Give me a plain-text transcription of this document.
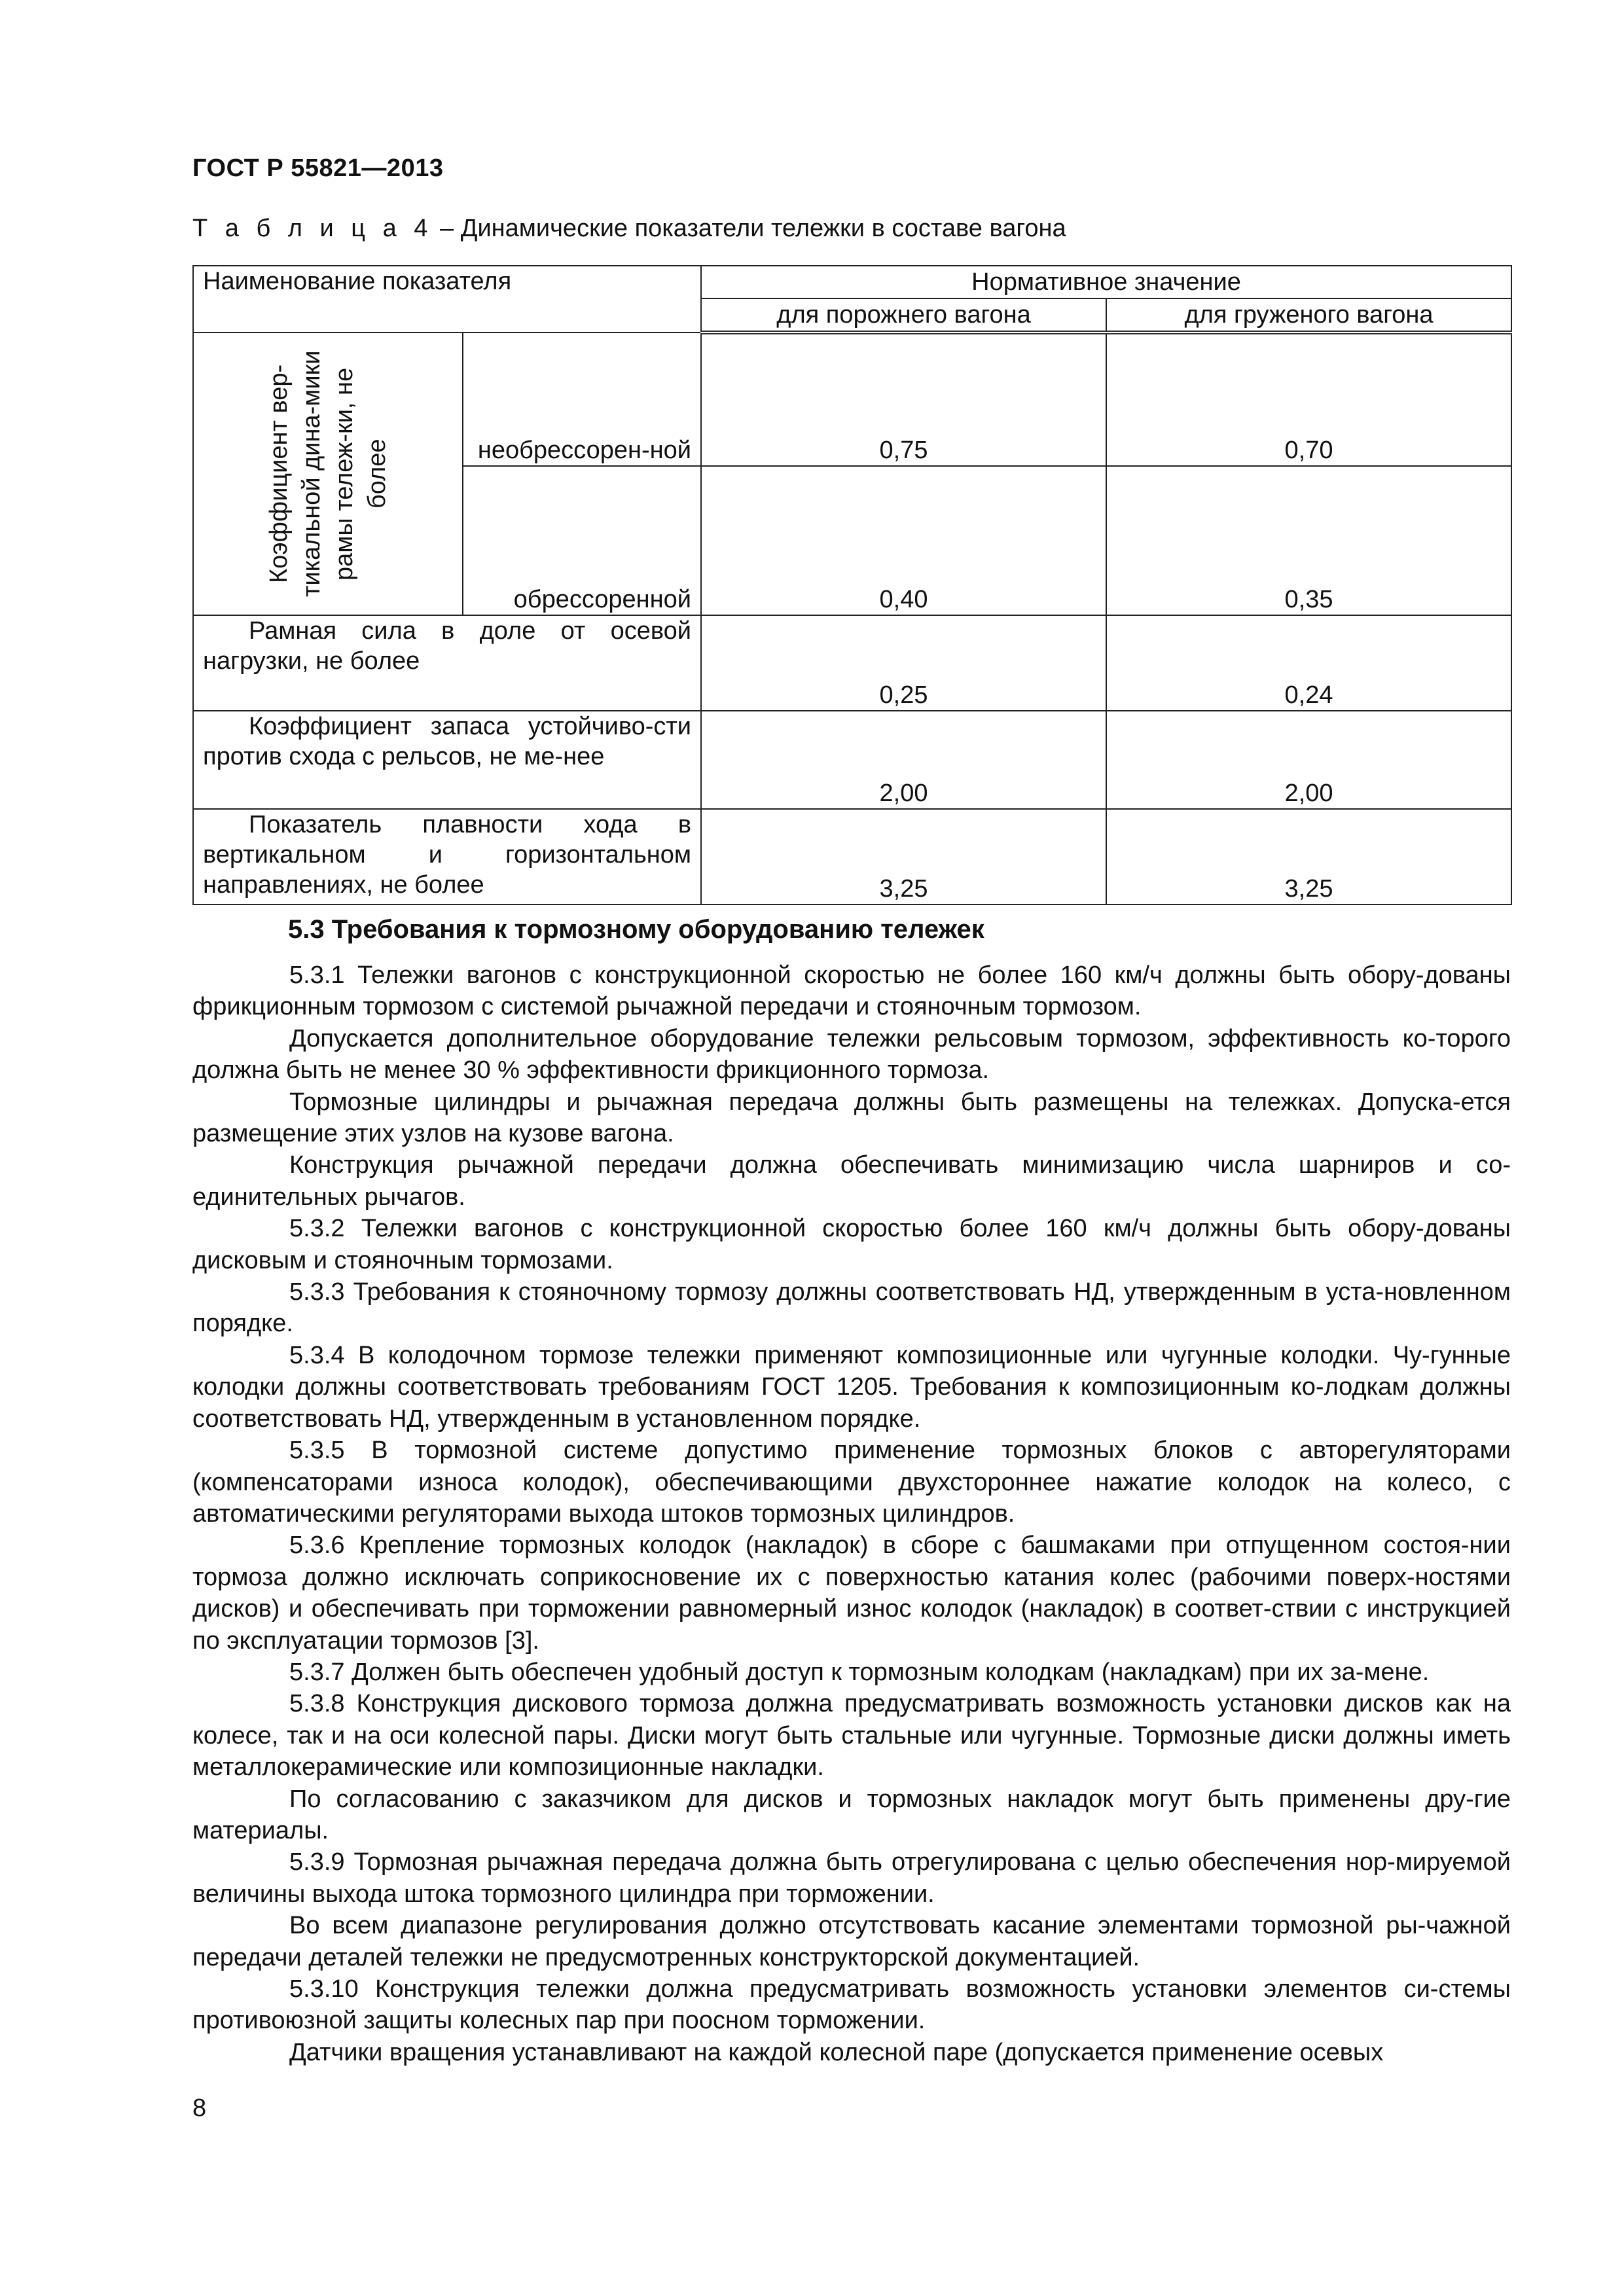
ГОСТ Р 55821—2013
Т а б л и ц а 4 – Динамические показатели тележки в составе вагона
Наименование показателя		Нормативное значение	
		для порожнего вагона	для груженого вагона

Коэффициент вер-тикальной дина-мики рамы тележ-ки, не более	необрессорен-ной	0,75	0,70
	обрессоренной	0,40	0,35
Рамная сила в доле от осевой нагрузки, не более		0,25	0,24
Коэффициент запаса устойчиво-сти против схода с рельсов, не ме-нее		2,00	2,00
Показатель плавности хода в вертикальном и горизонтальном направлениях, не более		3,25	3,25
5.3 Требования к тормозному оборудованию тележек

5.3.1 Тележки вагонов с конструкционной скоростью не более 160 км/ч должны быть обору-дованы фрикционным тормозом с системой рычажной передачи и стояночным тормозом.

Допускается дополнительное оборудование тележки рельсовым тормозом, эффективность ко-торого должна быть не менее 30 % эффективности фрикционного тормоза.

Тормозные цилиндры и рычажная передача должны быть размещены на тележках. Допуска-ется размещение этих узлов на кузове вагона.

Конструкция рычажной передачи должна обеспечивать минимизацию числа шарниров и со-единительных рычагов.

5.3.2 Тележки вагонов с конструкционной скоростью более 160 км/ч должны быть обору-дованы дисковым и стояночным тормозами.

5.3.3 Требования к стояночному тормозу должны соответствовать НД, утвержденным в уста-новленном порядке.

5.3.4 В колодочном тормозе тележки применяют композиционные или чугунные колодки. Чу-гунные колодки должны соответствовать требованиям ГОСТ 1205. Требования к композиционным ко-лодкам должны соответствовать НД, утвержденным в установленном порядке.

5.3.5 В тормозной системе допустимо применение тормозных блоков с авторегуляторами (компенсаторами износа колодок), обеспечивающими двухстороннее нажатие колодок на колесо, с автоматическими регуляторами выхода штоков тормозных цилиндров.

5.3.6 Крепление тормозных колодок (накладок) в сборе с башмаками при отпущенном состоя-нии тормоза должно исключать соприкосновение их с поверхностью катания колес (рабочими поверх-ностями дисков) и обеспечивать при торможении равномерный износ колодок (накладок) в соответ-ствии с инструкцией по эксплуатации тормозов [3].

5.3.7 Должен быть обеспечен удобный доступ к тормозным колодкам (накладкам) при их за-мене.

5.3.8 Конструкция дискового тормоза должна предусматривать возможность установки дисков как на колесе, так и на оси колесной пары. Диски могут быть стальные или чугунные. Тормозные диски должны иметь металлокерамические или композиционные накладки.

По согласованию с заказчиком для дисков и тормозных накладок могут быть применены дру-гие материалы.

5.3.9 Тормозная рычажная передача должна быть отрегулирована с целью обеспечения нор-мируемой величины выхода штока тормозного цилиндра при торможении.

Во всем диапазоне регулирования должно отсутствовать касание элементами тормозной ры-чажной передачи деталей тележки не предусмотренных конструкторской документацией.

5.3.10 Конструкция тележки должна предусматривать возможность установки элементов си-стемы противоюзной защиты колесных пар при поосном торможении.

Датчики вращения устанавливают на каждой колесной паре (допускается применение осевых

8
